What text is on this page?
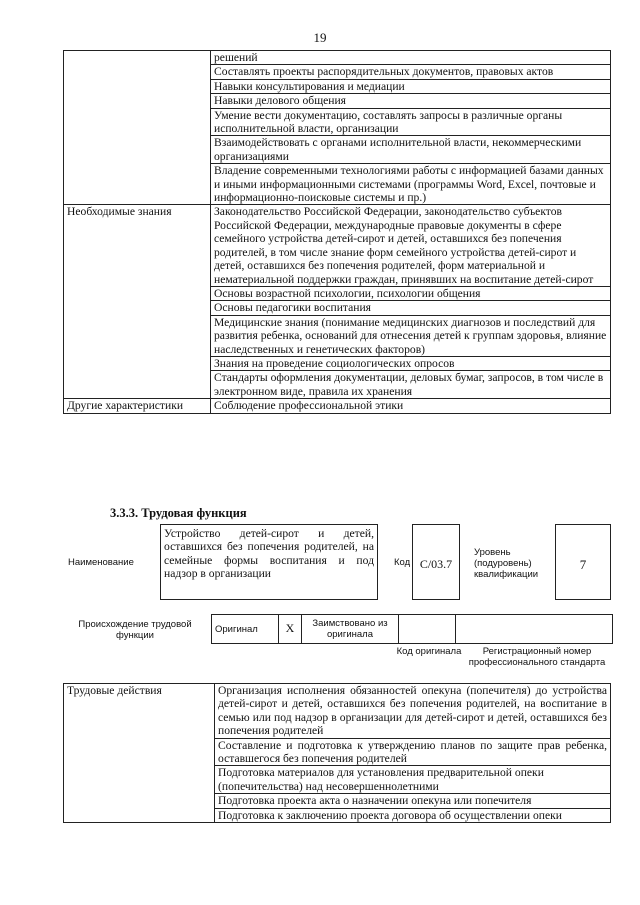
19
	решений
	Составлять проекты распорядительных документов, правовых актов
	Навыки консультирования и медиации
	Навыки делового общения
	Умение вести документацию, составлять запросы в различные органы исполнительной власти, организации
	Взаимодействовать с органами исполнительной власти, некоммерческими организациями
	Владение современными технологиями работы с информацией базами данных и иными информационными системами (программы Word, Excel, почтовые и информационно-поисковые системы и пр.)
Необходимые знания	Законодательство Российской Федерации, законодательство субъектов Российской Федерации, международные правовые документы в сфере семейного устройства детей-сирот и детей, оставшихся без попечения родителей, в том числе знание форм семейного устройства детей-сирот и детей, оставшихся без попечения родителей, форм материальной и нематериальной поддержки граждан, принявших на воспитание детей-сирот
	Основы возрастной психологии, психологии общения
	Основы педагогики воспитания
	Медицинские знания (понимание медицинских диагнозов и последствий для развития ребенка, оснований для отнесения детей к группам здоровья, влияние наследственных и генетических факторов)
	Знания на проведение социологических опросов
	Стандарты оформления документации, деловых бумаг, запросов, в том числе в электронном виде, правила их хранения
Другие характеристики	Соблюдение профессиональной этики
3.3.3. Трудовая функция
Наименование
Устройство детей-сирот и детей, оставшихся без попечения родителей, на семейные формы воспитания и под надзор в организации
Код С/03.7
Уровень (подуровень) квалификации
7
Происхождение трудовой функции
Оригинал	X	Заимствовано из оригинала		
Код оригинала	Регистрационный номер профессионального стандарта
Трудовые действия	Организация исполнения обязанностей опекуна (попечителя) до устройства детей-сирот и детей, оставшихся без попечения родителей, на воспитание в семью или под надзор в организации для детей-сирот и детей, оставшихся без попечения родителей
Составление и подготовка к утверждению планов по защите прав ребенка, оставшегося без попечения родителей
Подготовка материалов для установления предварительной опеки (попечительства) над несовершеннолетними
Подготовка проекта акта о назначении опекуна или попечителя
Подготовка к заключению проекта договора об осуществлении опеки
